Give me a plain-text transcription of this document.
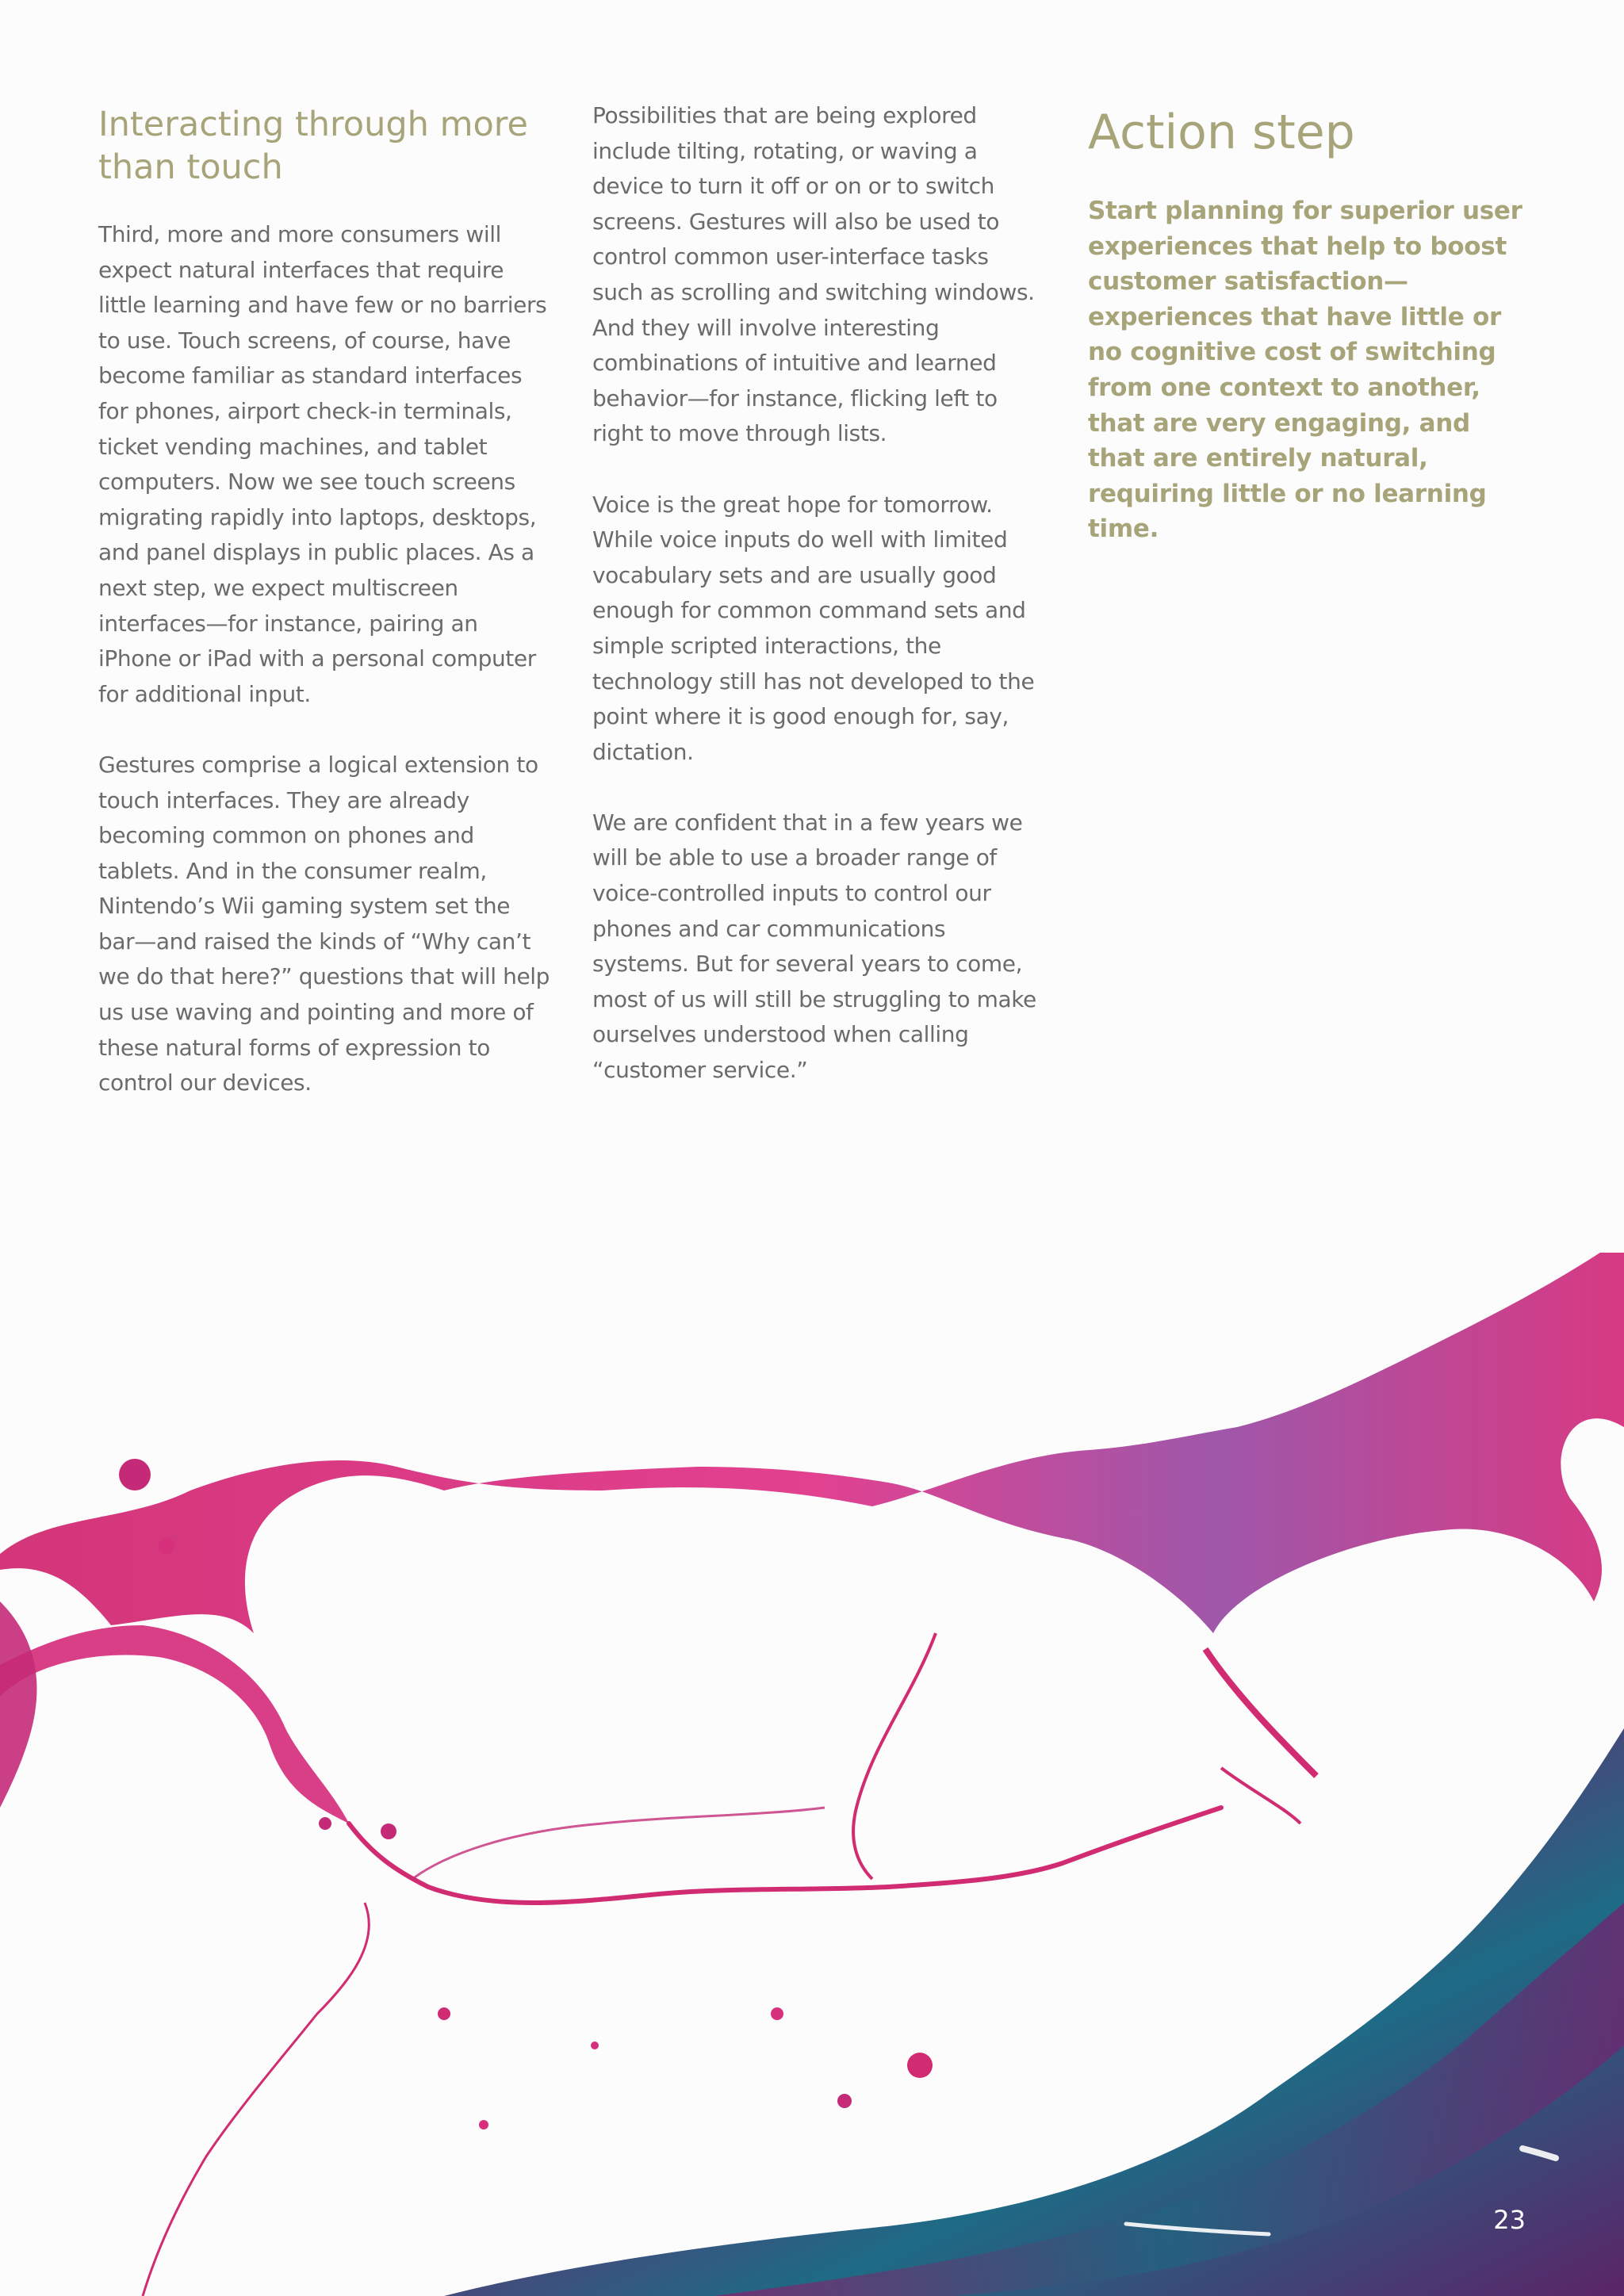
Interacting through more than touch

Third, more and more consumers will expect natural interfaces that require little learning and have few or no barriers to use. Touch screens, of course, have become familiar as standard interfaces for phones, airport check-in terminals, ticket vending machines, and tablet computers. Now we see touch screens migrating rapidly into laptops, desktops, and panel displays in public places. As a next step, we expect multiscreen interfaces—for instance, pairing an iPhone or iPad with a personal computer for additional input.

Gestures comprise a logical extension to touch interfaces. They are already becoming common on phones and tablets. And in the consumer realm, Nintendo’s Wii gaming system set the bar—and raised the kinds of “Why can’t we do that here?” questions that will help us use waving and pointing and more of these natural forms of expression to control our devices.

Possibilities that are being explored include tilting, rotating, or waving a device to turn it off or on or to switch screens. Gestures will also be used to control common user-interface tasks such as scrolling and switching windows. And they will involve interesting combinations of intuitive and learned behavior—for instance, flicking left to right to move through lists.

Voice is the great hope for tomorrow. While voice inputs do well with limited vocabulary sets and are usually good enough for common command sets and simple scripted interactions, the technology still has not developed to the point where it is good enough for, say, dictation.

We are confident that in a few years we will be able to use a broader range of voice-controlled inputs to control our phones and car communications systems. But for several years to come, most of us will still be struggling to make ourselves understood when calling “customer service.”

Action step

Start planning for superior user experiences that help to boost customer satisfaction—experiences that have little or no cognitive cost of switching from one context to another, that are very engaging, and that are entirely natural, requiring little or no learning time.

23
